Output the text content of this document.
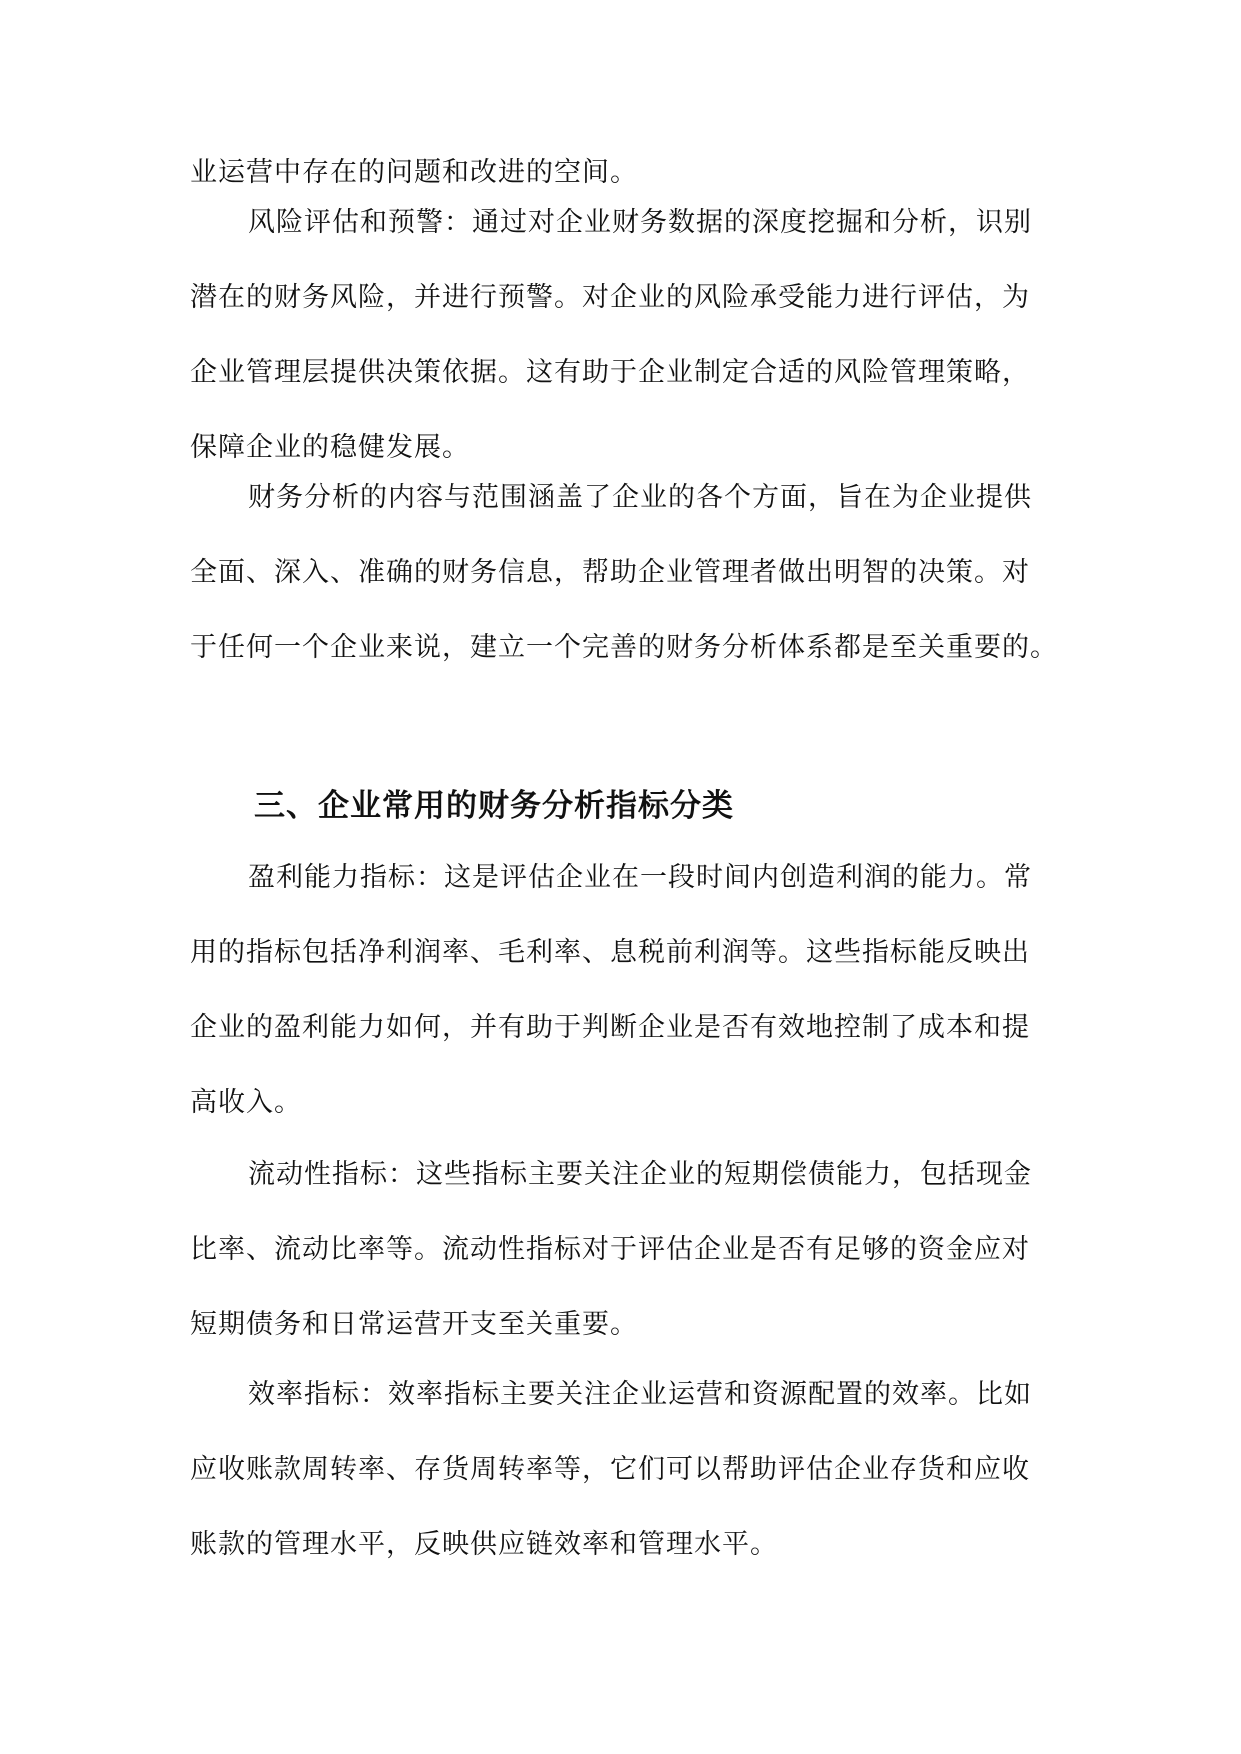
业运营中存在的问题和改进的空间。

风险评估和预警：通过对企业财务数据的深度挖掘和分析，识别
潜在的财务风险，并进行预警。对企业的风险承受能力进行评估，为
企业管理层提供决策依据。这有助于企业制定合适的风险管理策略，
保障企业的稳健发展。

财务分析的内容与范围涵盖了企业的各个方面，旨在为企业提供
全面、深入、准确的财务信息，帮助企业管理者做出明智的决策。对
于任何一个企业来说，建立一个完善的财务分析体系都是至关重要的。

三、企业常用的财务分析指标分类

盈利能力指标：这是评估企业在一段时间内创造利润的能力。常
用的指标包括净利润率、毛利率、息税前利润等。这些指标能反映出
企业的盈利能力如何，并有助于判断企业是否有效地控制了成本和提
高收入。

流动性指标：这些指标主要关注企业的短期偿债能力，包括现金
比率、流动比率等。流动性指标对于评估企业是否有足够的资金应对
短期债务和日常运营开支至关重要。

效率指标：效率指标主要关注企业运营和资源配置的效率。比如
应收账款周转率、存货周转率等，它们可以帮助评估企业存货和应收
账款的管理水平，反映供应链效率和管理水平。
